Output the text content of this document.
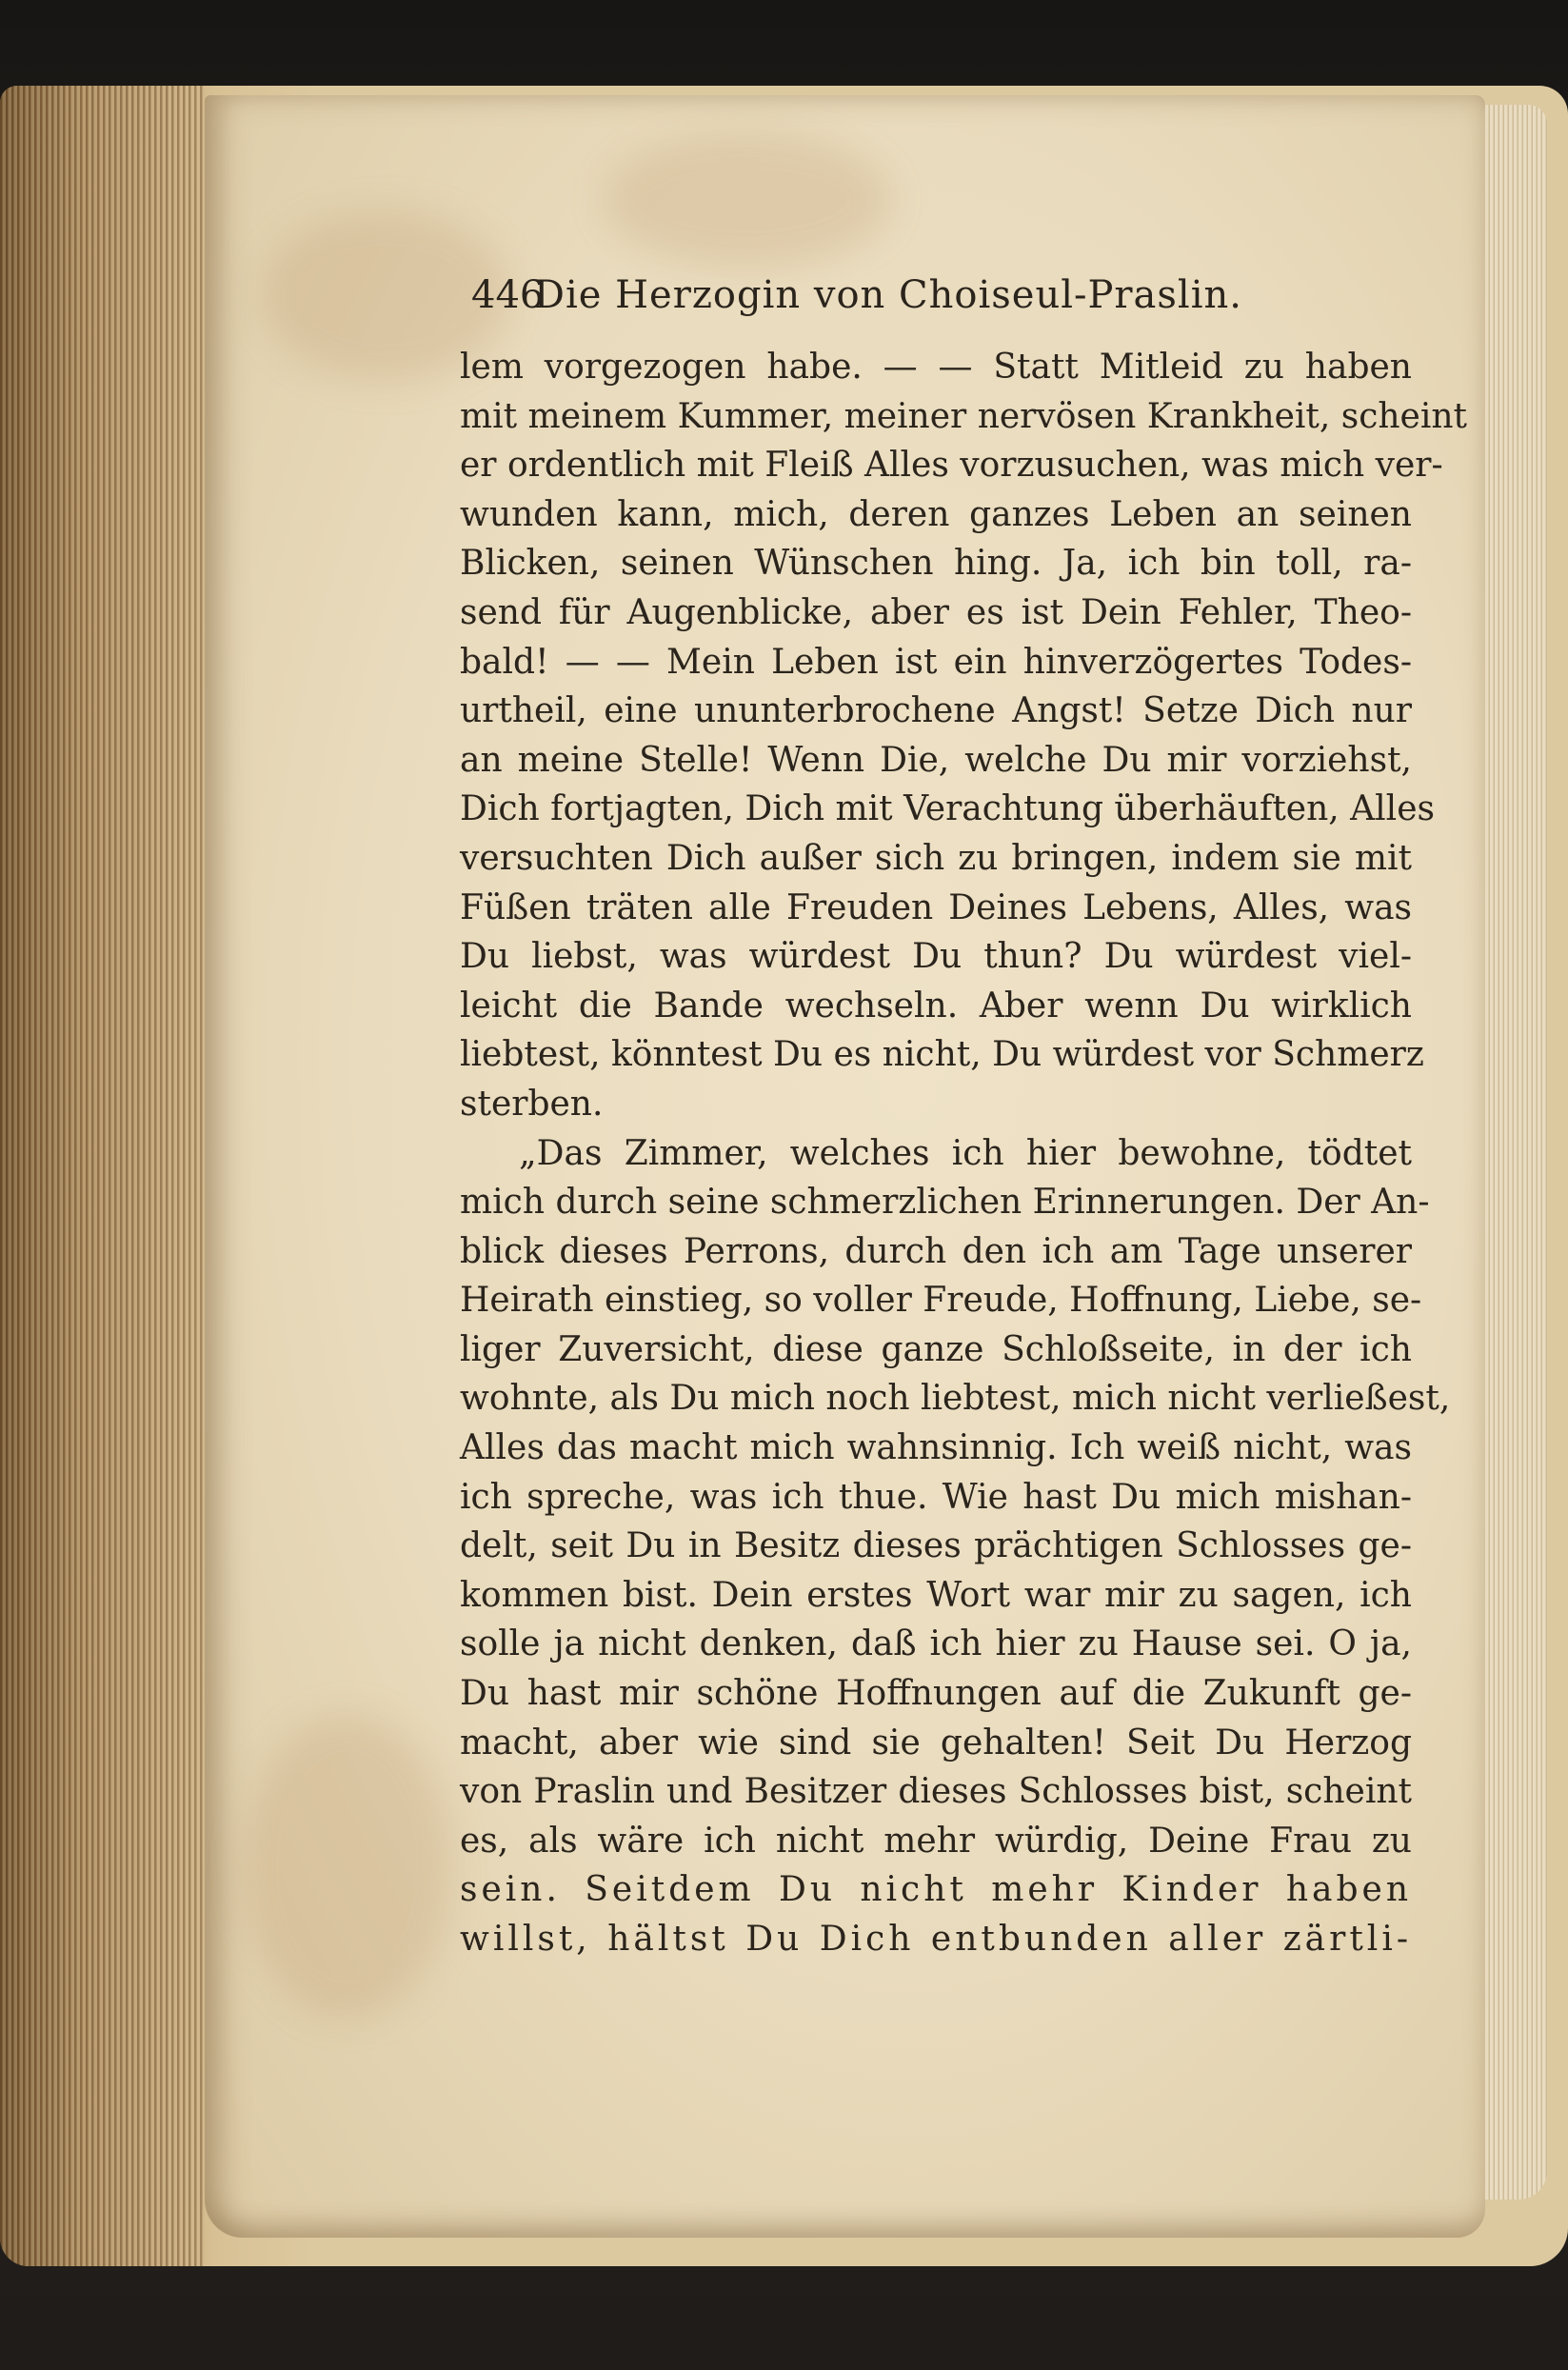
446
Die Herzogin von Choiseul-Praslin.
lem vorgezogen habe. — — Statt Mitleid zu haben
mit meinem Kummer, meiner nervösen Krankheit, scheint
er ordentlich mit Fleiß Alles vorzusuchen, was mich ver-
wunden kann, mich, deren ganzes Leben an seinen
Blicken, seinen Wünschen hing. Ja, ich bin toll, ra-
send für Augenblicke, aber es ist Dein Fehler, Theo-
bald! — — Mein Leben ist ein hinverzögertes Todes-
urtheil, eine ununterbrochene Angst! Setze Dich nur
an meine Stelle! Wenn Die, welche Du mir vorziehst,
Dich fortjagten, Dich mit Verachtung überhäuften, Alles
versuchten Dich außer sich zu bringen, indem sie mit
Füßen träten alle Freuden Deines Lebens, Alles, was
Du liebst, was würdest Du thun? Du würdest viel-
leicht die Bande wechseln. Aber wenn Du wirklich
liebtest, könntest Du es nicht, Du würdest vor Schmerz
sterben.
„Das Zimmer, welches ich hier bewohne, tödtet
mich durch seine schmerzlichen Erinnerungen. Der An-
blick dieses Perrons, durch den ich am Tage unserer
Heirath einstieg, so voller Freude, Hoffnung, Liebe, se-
liger Zuversicht, diese ganze Schloßseite, in der ich
wohnte, als Du mich noch liebtest, mich nicht verließest,
Alles das macht mich wahnsinnig. Ich weiß nicht, was
ich spreche, was ich thue. Wie hast Du mich mishan-
delt, seit Du in Besitz dieses prächtigen Schlosses ge-
kommen bist. Dein erstes Wort war mir zu sagen, ich
solle ja nicht denken, daß ich hier zu Hause sei. O ja,
Du hast mir schöne Hoffnungen auf die Zukunft ge-
macht, aber wie sind sie gehalten! Seit Du Herzog
von Praslin und Besitzer dieses Schlosses bist, scheint
es, als wäre ich nicht mehr würdig, Deine Frau zu
sein. Seitdem Du nicht mehr Kinder haben
willst, hältst Du Dich entbunden aller zärtli-
